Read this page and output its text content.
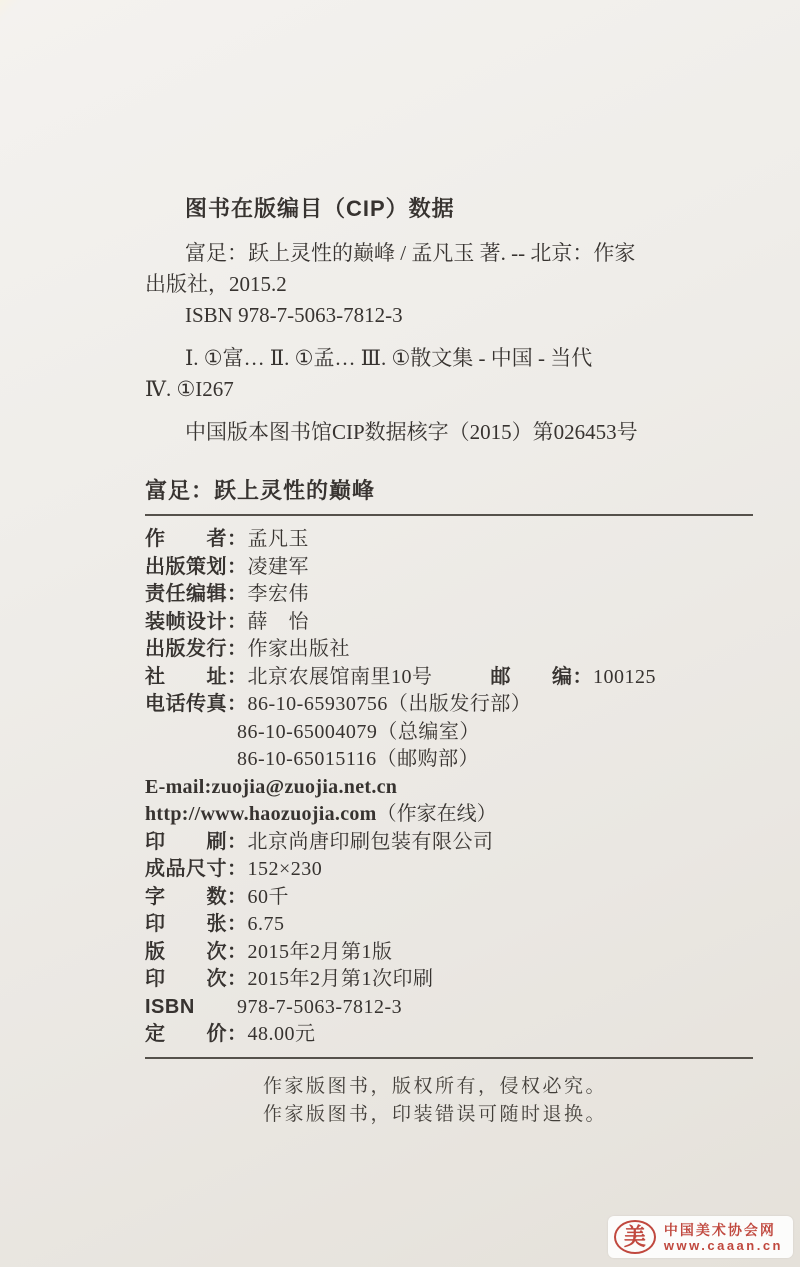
图书在版编目（CIP）数据
富足：跃上灵性的巅峰 / 孟凡玉 著. -- 北京：作家
出版社，2015.2
ISBN 978-7-5063-7812-3
Ⅰ. ①富… Ⅱ. ①孟… Ⅲ. ①散文集 - 中国 - 当代
Ⅳ. ①I267
中国版本图书馆CIP数据核字（2015）第026453号
富足：跃上灵性的巅峰
作　　者：孟凡玉
出版策划：凌建军
责任编辑：李宏伟
装帧设计：薛　怡
出版发行：作家出版社
社　　址：北京农展馆南里10号	邮　　编：100125
电话传真：86-10-65930756（出版发行部）
86-10-65004079（总编室）
86-10-65015116（邮购部）
E-mail:zuojia@zuojia.net.cn
http://www.haozuojia.com（作家在线）
印　　刷：北京尚唐印刷包装有限公司
成品尺寸：152×230
字　　数：60千
印　　张：6.75
版　　次：2015年2月第1版
印　　次：2015年2月第1次印刷
ISBN 978-7-5063-7812-3
定　　价：48.00元
作家版图书，版权所有，侵权必究。
作家版图书，印装错误可随时退换。
美 中国美术协会网
www.caaan.cn
